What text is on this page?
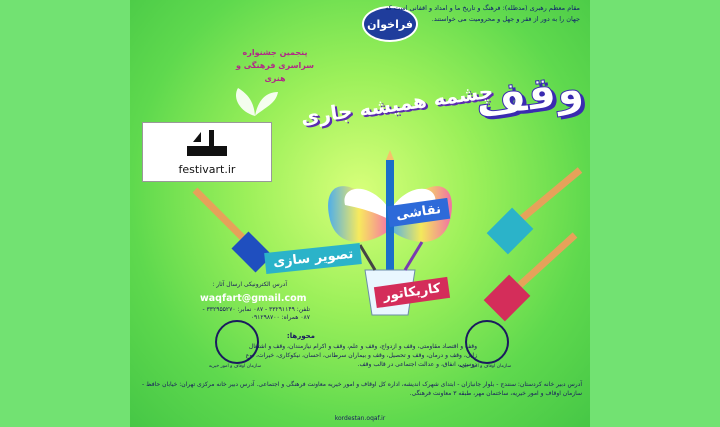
فراخوان
مقام معظم رهبری (مدظله): فرهنگ و تاریخ ما و امداد و اقفانی است که جهان را به دور از فقر و جهل و محرومیت می خواستند.
پنجمین جشنواره سراسری فرهنگی و هنری	وقف
چشمه همیشه جاری
festivart.ir
نقاشی
تصویر سازی
کاریکاتور
آدرس الکترونیکی ارسال آثار :
waqfart@gmail.com
تلفن: ۳۳۲۹۱۱۴۹ - ۰۸۷ نمابر: ۳۳۲۹۵۵۲۷۰ - ۰۸۷ همراه: ۰۹۱۲۹۸۷۰۰
سازمان اوقاف و امور خیریه	سازمان اوقاف و امور خیریه
محورها:
وقف و اقتصاد مقاومتی، وقف و ازدواج، وقف و علم، وقف و اکرام نیازمندان، وقف و اشتغال زایی، وقف و درمان، وقف و تحصیل، وقف و بیماران سرطانی، احسان، نیکوکاری، خیرات، نوع دوستی، انفاق، و عدالت اجتماعی در قالب وقف.
آدرس دبیر خانه کردستان: سنندج - بلوار جانبازان - ابتدای شهرک اندیشه، اداره کل اوقاف و امور خیریه معاونت فرهنگی و اجتماعی. آدرس دبیر خانه مرکزی تهران: خیابان حافظ - سازمان اوقاف و امور خیریه، ساختمان مهر، طبقه ۳ معاونت فرهنگی.
kordestan.oqaf.ir
